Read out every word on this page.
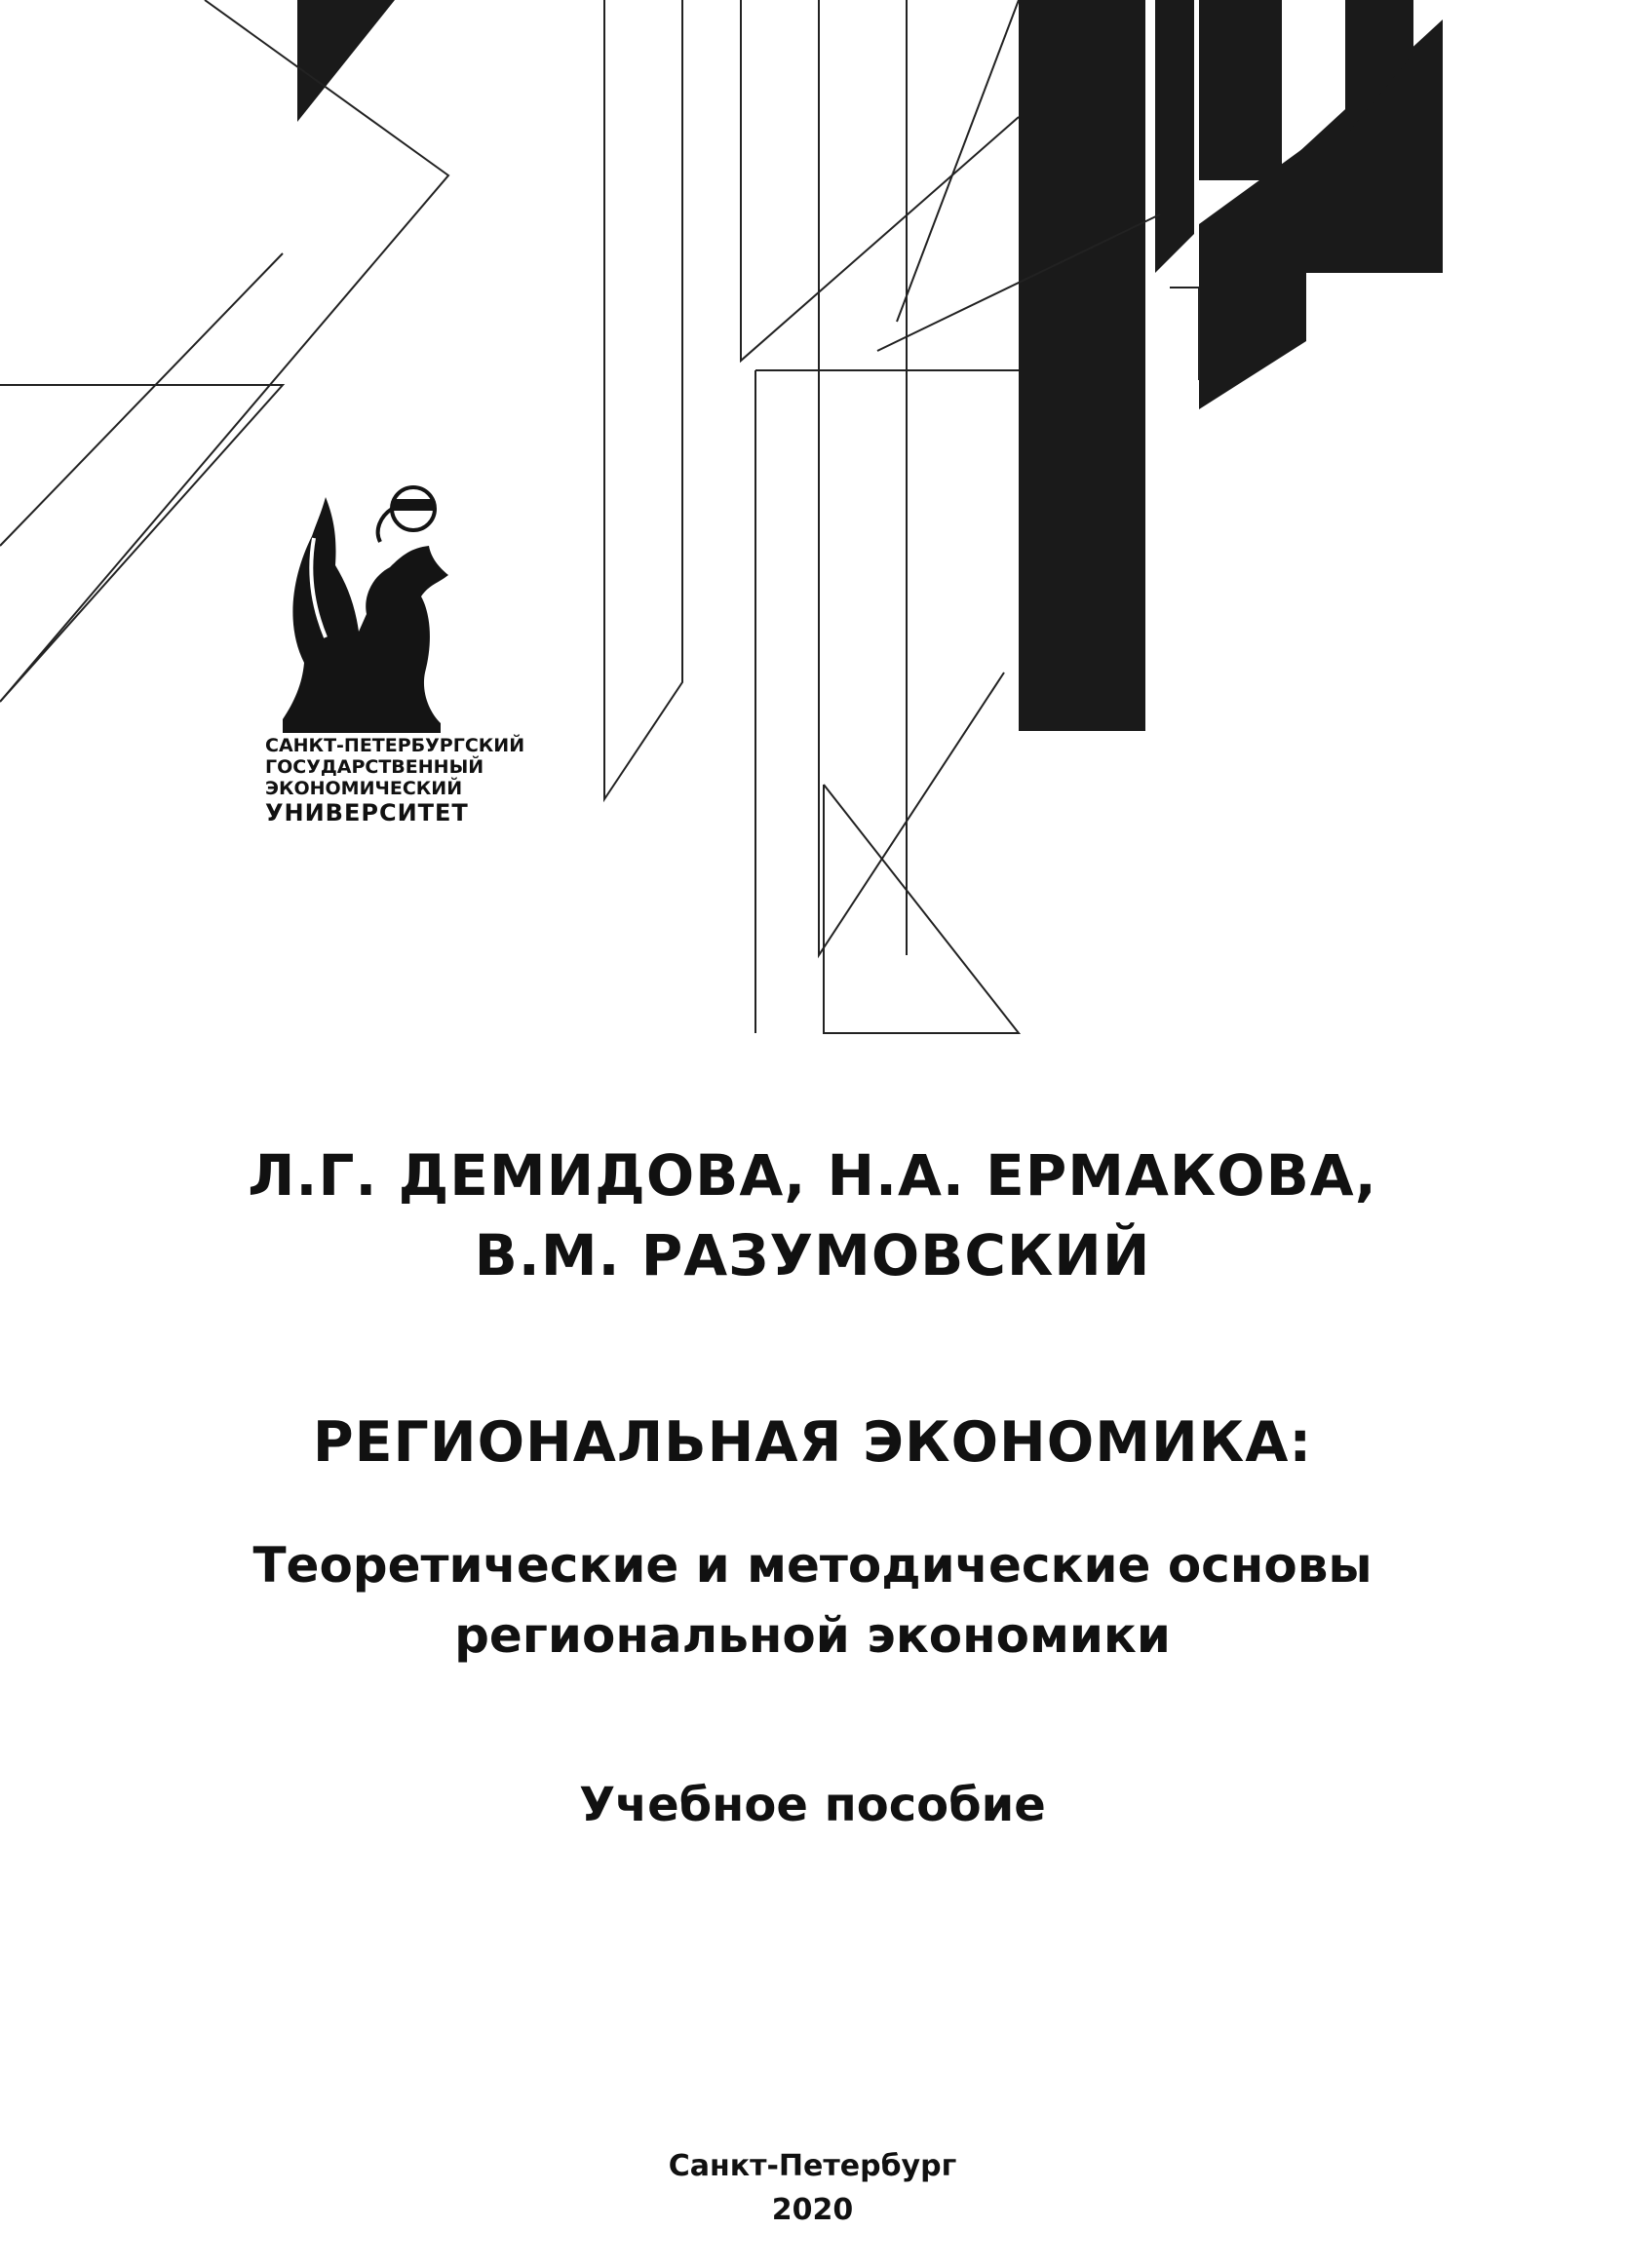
САНКТ-ПЕТЕРБУРГСКИЙ
ГОСУДАРСТВЕННЫЙ
ЭКОНОМИЧЕСКИЙ
УНИВЕРСИТЕТ
Л.Г. ДЕМИДОВА, Н.А. ЕРМАКОВА,
В.М. РАЗУМОВСКИЙ
РЕГИОНАЛЬНАЯ ЭКОНОМИКА:
Теоретические и методические основы
региональной экономики
Учебное пособие
Санкт-Петербург
2020
